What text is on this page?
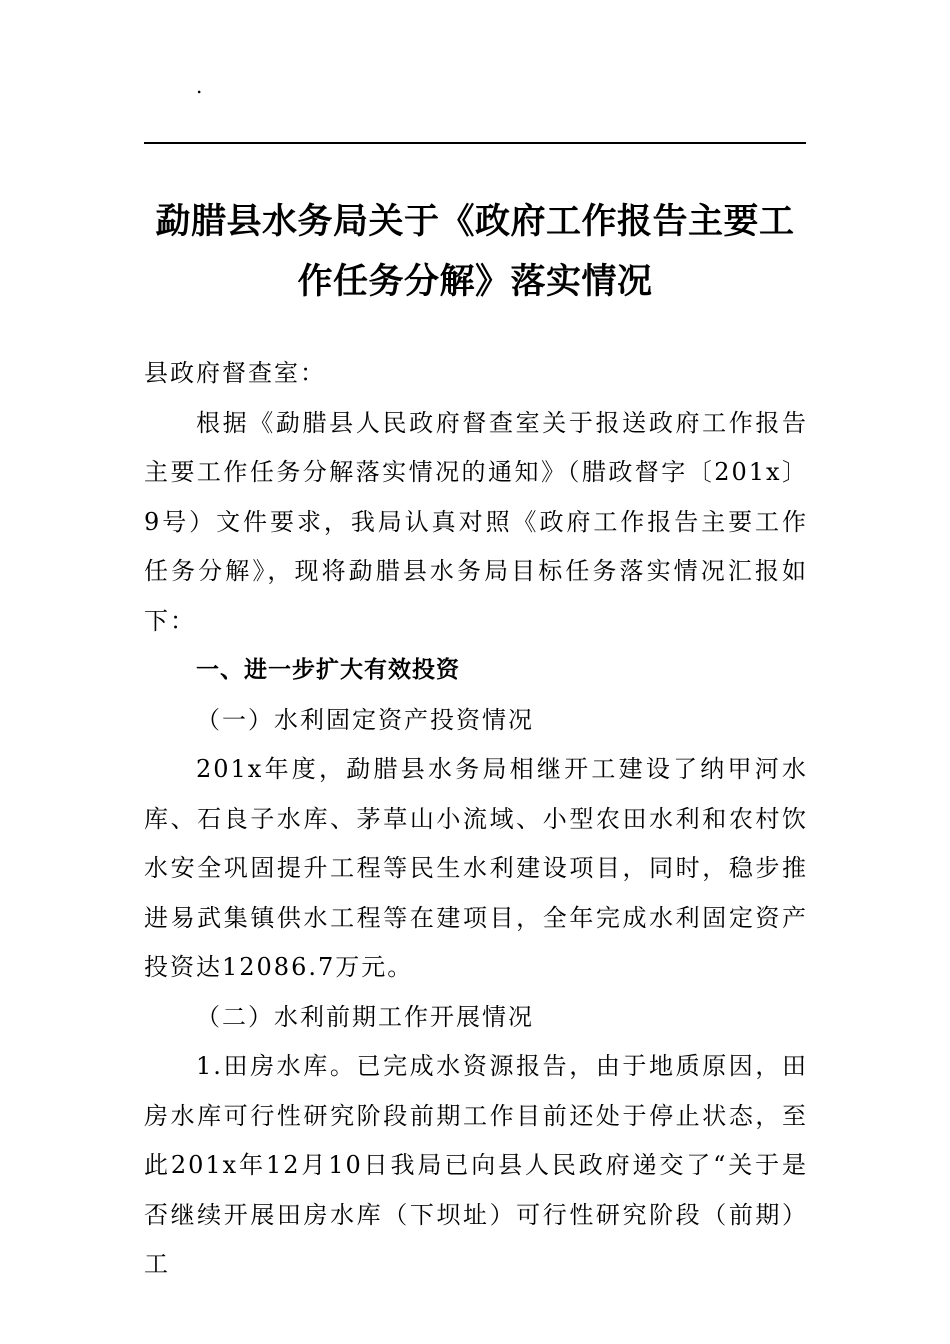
.
勐腊县水务局关于《政府工作报告主要工
作任务分解》落实情况

县政府督查室：

根据《勐腊县人民政府督查室关于报送政府工作报告主要工作任务分解落实情况的通知》（腊政督字〔201x〕9号）文件要求，我局认真对照《政府工作报告主要工作任务分解》，现将勐腊县水务局目标任务落实情况汇报如下：

一、进一步扩大有效投资

（一）水利固定资产投资情况

201x年度，勐腊县水务局相继开工建设了纳甲河水库、石良子水库、茅草山小流域、小型农田水利和农村饮水安全巩固提升工程等民生水利建设项目，同时，稳步推进易武集镇供水工程等在建项目，全年完成水利固定资产投资达12086.7万元。

（二）水利前期工作开展情况

1.田房水库。已完成水资源报告，由于地质原因，田房水库可行性研究阶段前期工作目前还处于停止状态，至此201x年12月10日我局已向县人民政府递交了“关于是否继续开展田房水库（下坝址）可行性研究阶段（前期）工
